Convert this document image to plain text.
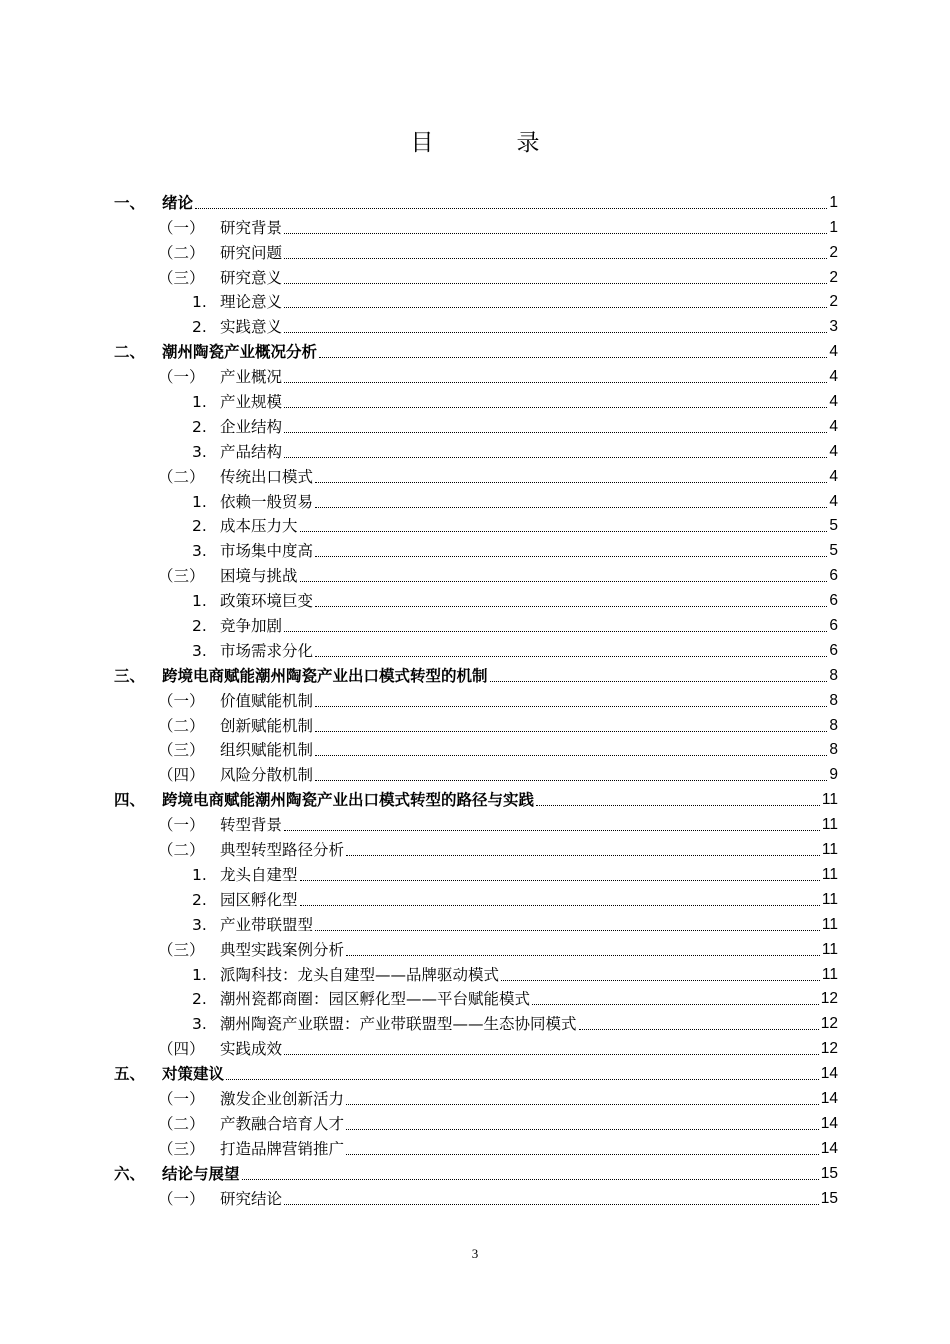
目　录
一、	绪论	1
（一） 研究背景	1
（二） 研究问题	2
（三） 研究意义	2
1. 理论意义	2
2. 实践意义	3
二、	潮州陶瓷产业概况分析	4
（一） 产业概况	4
1. 产业规模	4
2. 企业结构	4
3. 产品结构	4
（二） 传统出口模式	4
1. 依赖一般贸易	4
2. 成本压力大	5
3. 市场集中度高	5
（三） 困境与挑战	6
1. 政策环境巨变	6
2. 竞争加剧	6
3. 市场需求分化	6
三、	跨境电商赋能潮州陶瓷产业出口模式转型的机制	8
（一） 价值赋能机制	8
（二） 创新赋能机制	8
（三） 组织赋能机制	8
（四） 风险分散机制	9
四、	跨境电商赋能潮州陶瓷产业出口模式转型的路径与实践	11
（一） 转型背景	11
（二） 典型转型路径分析	11
1. 龙头自建型	11
2. 园区孵化型	11
3. 产业带联盟型	11
（三） 典型实践案例分析	11
1. 派陶科技：龙头自建型——品牌驱动模式	11
2. 潮州瓷都商圈：园区孵化型——平台赋能模式	12
3. 潮州陶瓷产业联盟：产业带联盟型——生态协同模式	12
（四） 实践成效	12
五、	对策建议	14
（一） 激发企业创新活力	14
（二） 产教融合培育人才	14
（三） 打造品牌营销推广	14
六、	结论与展望	15
（一） 研究结论	15
3
